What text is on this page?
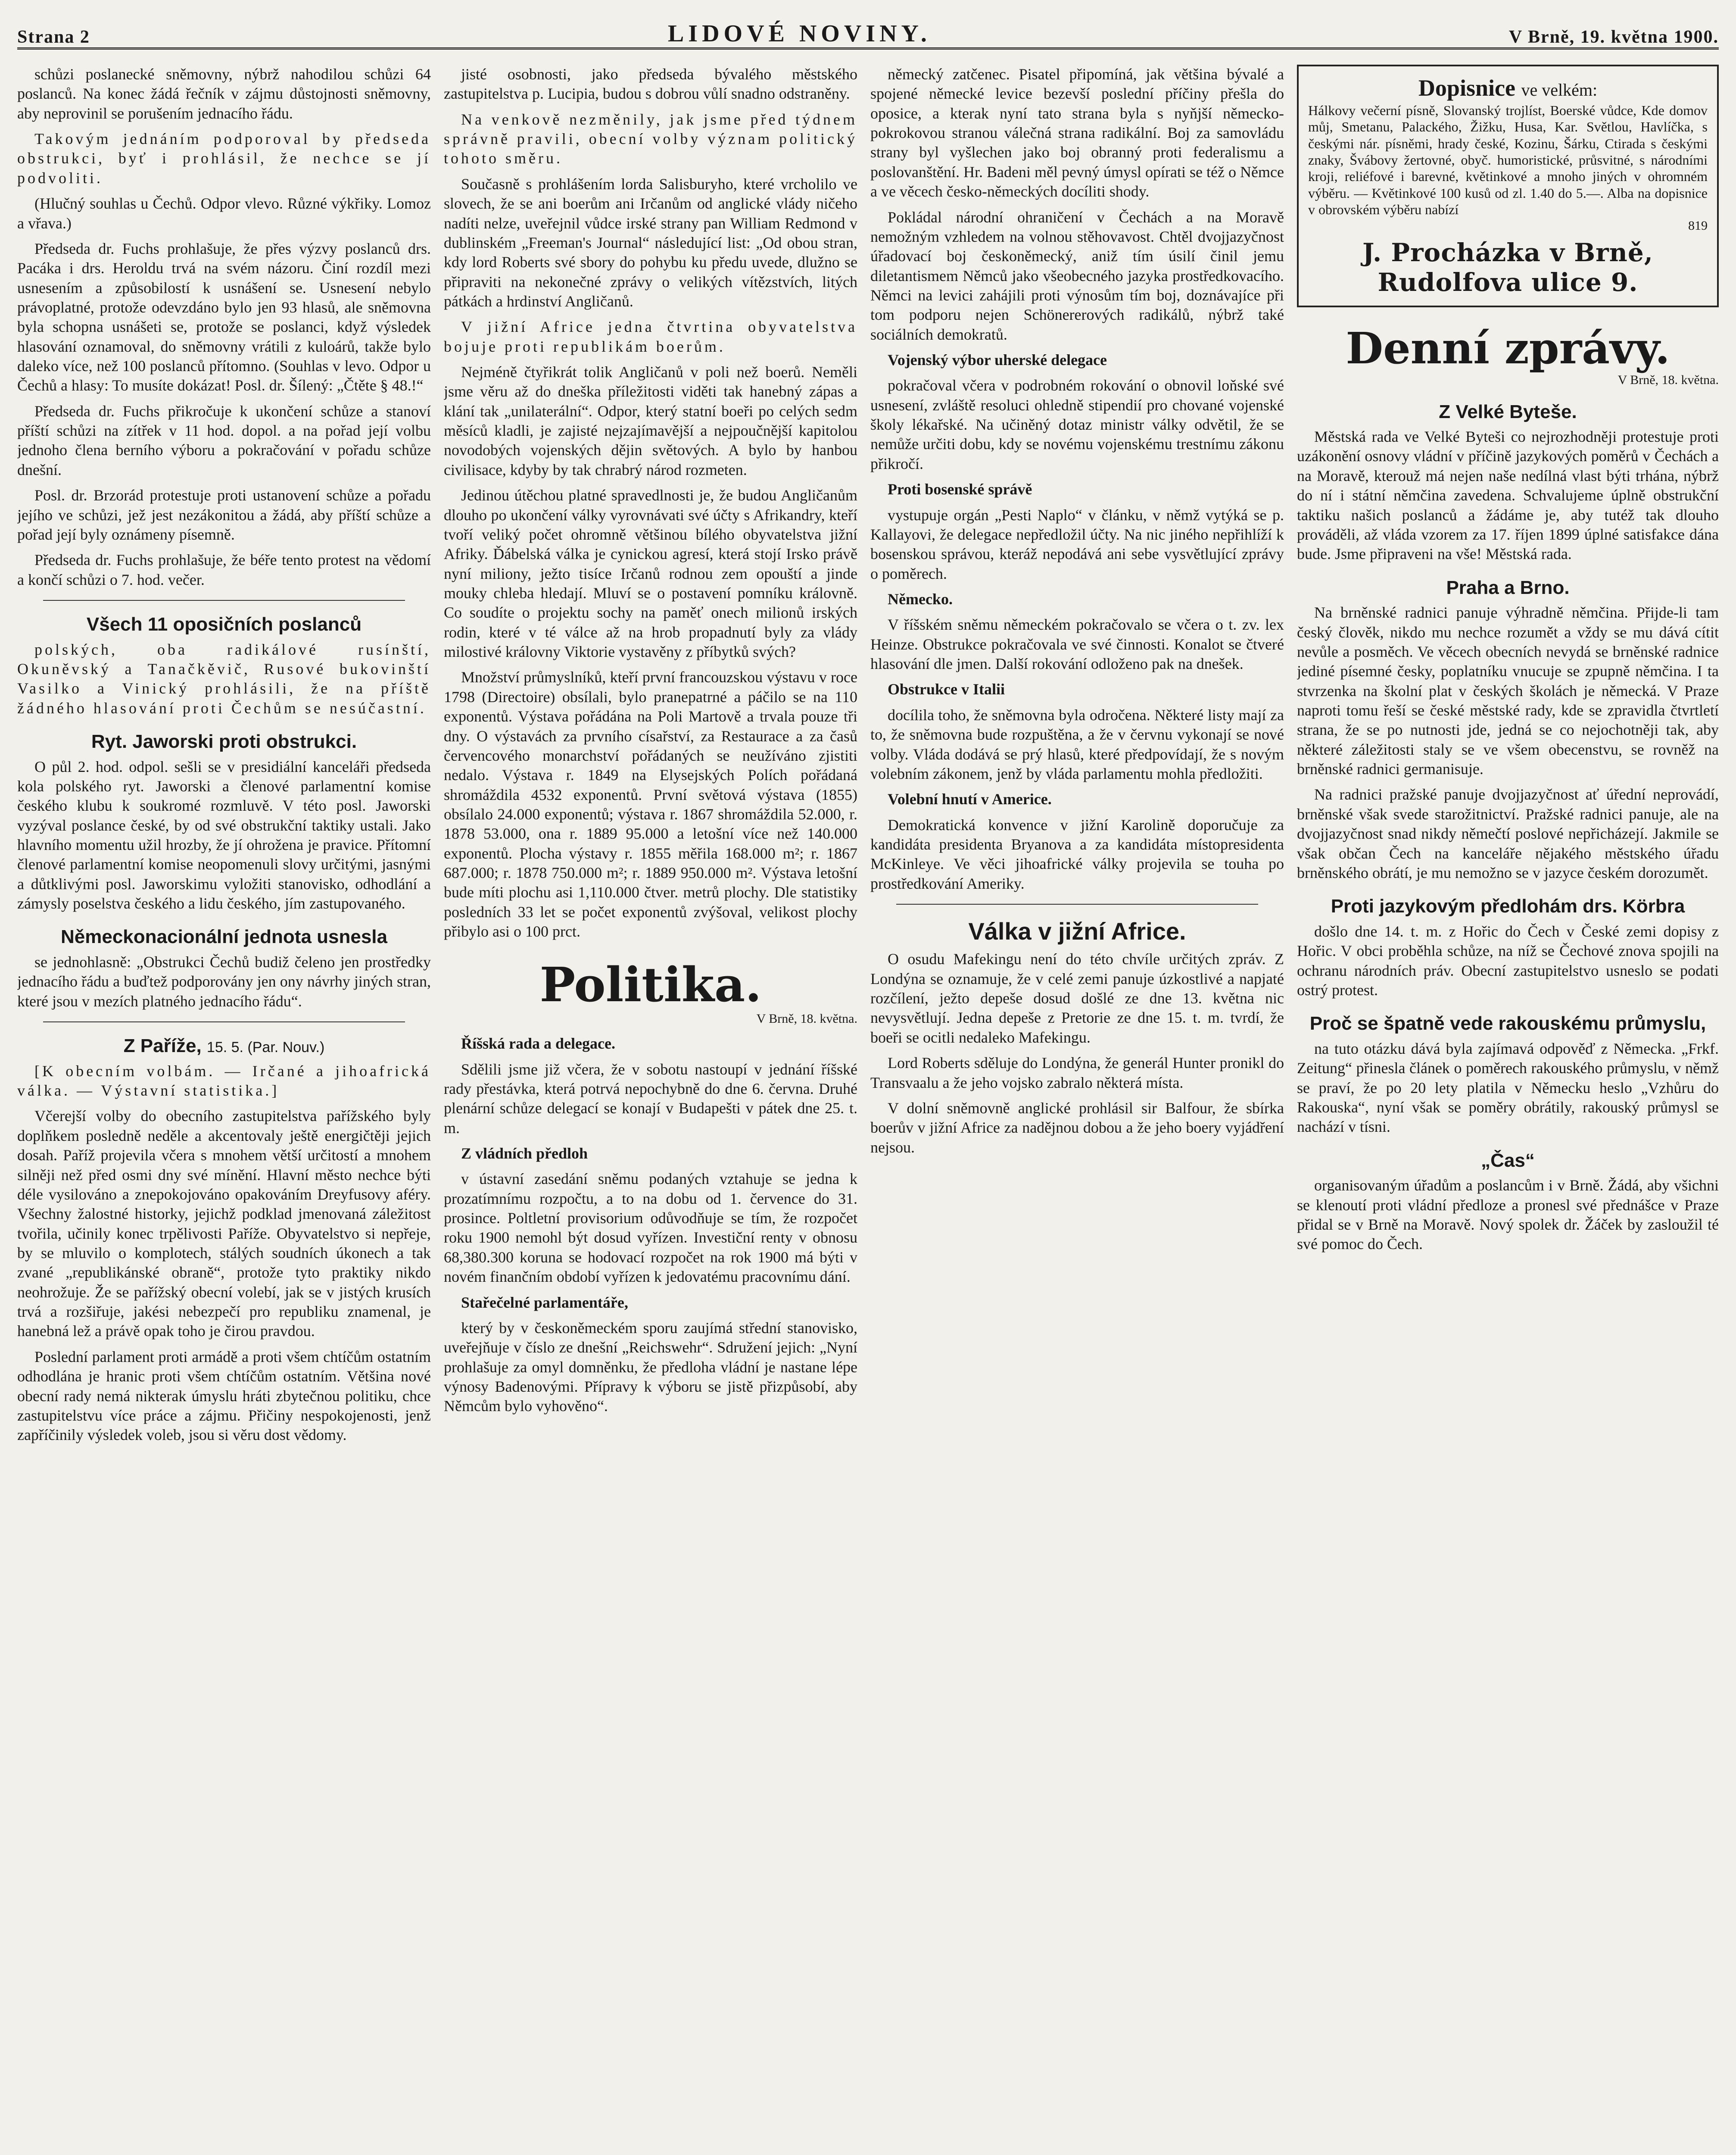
Strana 2	LIDOVÉ NOVINY.	V Brně, 19. května 1900.

schůzi poslanecké sněmovny, nýbrž nahodilou schůzi 64 poslanců. Na konec žádá řečník v zájmu důstojnosti sněmovny, aby neprovinil se porušením jednacího řádu.

Takovým jednáním podporoval by předseda obstrukci, byť i prohlásil, že nechce se jí podvoliti.

(Hlučný souhlas u Čechů. Odpor vlevo. Různé výkřiky. Lomoz a vřava.)

Předseda dr. Fuchs prohlašuje, že přes výzvy poslanců drs. Pacáka i drs. Heroldu trvá na svém názoru. Činí rozdíl mezi usnesením a způsobilostí k usnášení se. Usnesení nebylo právoplatné, protože odevzdáno bylo jen 93 hlasů, ale sněmovna byla schopna usnášeti se, protože se poslanci, když výsledek hlasování oznamoval, do sněmovny vrátili z kuloárů, takže bylo daleko více, než 100 poslanců přítomno. (Souhlas v levo. Odpor u Čechů a hlasy: To musíte dokázat! Posl. dr. Šílený: „Čtěte § 48.!“

Předseda dr. Fuchs přikročuje k ukončení schůze a stanoví příští schůzi na zítřek v 11 hod. dopol. a na pořad její volbu jednoho člena berního výboru a pokračování v pořadu schůze dnešní.

Posl. dr. Brzorád protestuje proti ustanovení schůze a pořadu jejího ve schůzi, jež jest nezákonitou a žádá, aby příští schůze a pořad její byly oznámeny písemně.

Předseda dr. Fuchs prohlašuje, že béře tento protest na vědomí a končí schůzi o 7. hod. večer.

Všech 11 oposičních poslanců

polských, oba radikálové rusínští, Okuněvský a Tanačkěvič, Rusové bukovinští Vasilko a Vinický prohlásili, že na příště žádného hlasování proti Čechům se nesúčastní.

Ryt. Jaworski proti obstrukci.

O půl 2. hod. odpol. sešli se v presidiální kanceláři předseda kola polského ryt. Jaworski a členové parlamentní komise českého klubu k soukromé rozmluvě. V této posl. Jaworski vyzýval poslance české, by od své obstrukční taktiky ustali. Jako hlavního momentu užil hrozby, že jí ohrožena je pravice. Přítomní členové parlamentní komise neopomenuli slovy určitými, jasnými a důtklivými posl. Jaworskimu vyložiti stanovisko, odhodlání a zámysly poselstva českého a lidu českého, jím zastupovaného.

Německonacionální jednota usnesla

se jednohlasně: „Obstrukci Čechů budiž čeleno jen prostředky jednacího řádu a buďtež podporovány jen ony návrhy jiných stran, které jsou v mezích platného jednacího řádu“.

Z Paříže, 15. 5. (Par. Nouv.)

[K obecním volbám. — Irčané a jihoafrická válka. — Výstavní statistika.]

Včerejší volby do obecního zastupitelstva pařížského byly doplňkem posledně neděle a akcentovaly ještě energičtěji jejich dosah. Paříž projevila včera s mnohem větší určitostí a mnohem silněji než před osmi dny své mínění. Hlavní město nechce býti déle vysilováno a znepokojováno opakováním Dreyfusovy aféry. Všechny žalostné historky, jejichž podklad jmenovaná záležitost tvořila, učinily konec trpělivosti Paříže. Obyvatelstvo si nepřeje, by se mluvilo o komplotech, stálých soudních úkonech a tak zvané „republikánské obraně“, protože tyto praktiky nikdo neohrožuje. Že se pařížský obecní volebí, jak se v jistých krusích trvá a rozšiřuje, jakési nebezpečí pro republiku znamenal, je hanebná lež a právě opak toho je čirou pravdou.

Poslední parlament proti armádě a proti všem chtíčům ostatním odhodlána je hranic proti všem chtíčům ostatním. Většina nové obecní rady nemá nikterak úmyslu hráti zbytečnou politiku, chce zastupitelstvu více práce a zájmu. Přičiny nespokojenosti, jenž zapříčinily výsledek voleb, jsou si věru dost vědomy.

jisté osobnosti, jako předseda bývalého městského zastupitelstva p. Lucipia, budou s dobrou vůlí snadno odstraněny.

Na venkově nezměnily, jak jsme před týdnem správně pravili, obecní volby význam politický tohoto směru.

Současně s prohlášením lorda Salisburyho, které vrcholilo ve slovech, že se ani boerům ani Irčanům od anglické vlády ničeho nadíti nelze, uveřejnil vůdce irské strany pan William Redmond v dublinském „Freeman's Journal“ následující list: „Od obou stran, kdy lord Roberts své sbory do pohybu ku předu uvede, dlužno se připraviti na nekonečné zprávy o velikých vítězstvích, litých pátkách a hrdinství Angličanů.

V jižní Africe jedna čtvrtina obyvatelstva bojuje proti republikám boerům.

Nejméně čtyřikrát tolik Angličanů v poli než boerů. Neměli jsme věru až do dneška příležitosti viděti tak hanebný zápas a klání tak „unilaterální“. Odpor, který statní boeři po celých sedm měsíců kladli, je zajisté nejzajímavější a nejpoučnější kapitolou novodobých vojenských dějin světových. A bylo by hanbou civilisace, kdyby by tak chrabrý národ rozmeten.

Jedinou útěchou platné spravedlnosti je, že budou Angličanům dlouho po ukončení války vyrovnávati své účty s Afrikandry, kteří tvoří veliký počet ohromně většinou bílého obyvatelstva jižní Afriky. Ďábelská válka je cynickou agresí, která stojí Irsko právě nyní miliony, ježto tisíce Irčanů rodnou zem opouští a jinde mouky chleba hledají. Mluví se o postavení pomníku královně. Co soudíte o projektu sochy na paměť onech milionů irských rodin, které v té válce až na hrob propadnutí byly za vlády milostivé královny Viktorie vystavěny z příbytků svých?

Množství průmyslníků, kteří první francouzskou výstavu v roce 1798 (Directoire) obsílali, bylo pranepatrné a páčilo se na 110 exponentů. Výstava pořádána na Poli Martově a trvala pouze tři dny. O výstavách za prvního císařství, za Restaurace a za časů červencového monarchství pořádaných se neužíváno zjistiti nedalo. Výstava r. 1849 na Elysejských Polích pořádaná shromáždila 4532 exponentů. První světová výstava (1855) obsílalo 24.000 exponentů; výstava r. 1867 shromáždila 52.000, r. 1878 53.000, ona r. 1889 95.000 a letošní více než 140.000 exponentů. Plocha výstavy r. 1855 měřila 168.000 m²; r. 1867 687.000; r. 1878 750.000 m²; r. 1889 950.000 m². Výstava letošní bude míti plochu asi 1,110.000 čtver. metrů plochy. Dle statistiky posledních 33 let se počet exponentů zvýšoval, velikost plochy přibylo asi o 100 prct.

Politika.
V Brně, 18. května.

Říšská rada a delegace.

Sdělili jsme již včera, že v sobotu nastoupí v jednání říšské rady přestávka, která potrvá nepochybně do dne 6. června. Druhé plenární schůze delegací se konají v Budapešti v pátek dne 25. t. m.

Z vládních předloh

v ústavní zasedání sněmu podaných vztahuje se jedna k prozatímnímu rozpočtu, a to na dobu od 1. července do 31. prosince. Poltletní provisorium odůvodňuje se tím, že rozpočet roku 1900 nemohl být dosud vyřízen. Investiční renty v obnosu 68,380.300 koruna se hodovací rozpočet na rok 1900 má býti v novém finančním období vyřízen k jedovatému pracovnímu dání.

Stařečelné parlamentáře,

který by v českoněmeckém sporu zaujímá střední stanovisko, uveřejňuje v číslo ze dnešní „Reichswehr“. Sdružení jejich: „Nyní prohlašuje za omyl domněnku, že předloha vládní je nastane lépe výnosy Badenovými. Přípravy k výboru se jistě přizpůsobí, aby Němcům bylo vyhověno“.

německý zatčenec. Pisatel připomíná, jak většina bývalé a spojené německé levice bezevší poslední příčiny přešla do oposice, a kterak nyní tato strana byla s nyňjší německo-pokrokovou stranou válečná strana radikální. Boj za samovládu strany byl vyšlechen jako boj obranný proti federalismu a poslovanštění. Hr. Badeni měl pevný úmysl opírati se též o Němce a ve věcech česko-německých docíliti shody.

Pokládal národní ohraničení v Čechách a na Moravě nemožným vzhledem na volnou stěhovavost. Chtěl dvojjazyčnost úřadovací boj českoněmecký, aniž tím úsilí činil jemu diletantismem Němců jako všeobecného jazyka prostředkovacího. Němci na levici zahájili proti výnosům tím boj, doznávajíce při tom podporu nejen Schönererových radikálů, nýbrž také sociálních demokratů.

Vojenský výbor uherské delegace

pokračoval včera v podrobném rokování o obnovil loňské své usnesení, zvláště resoluci ohledně stipendií pro chované vojenské školy lékařské. Na učiněný dotaz ministr války odvětil, že se nemůže určiti dobu, kdy se novému vojenskému trestnímu zákonu přikročí.

Proti bosenské správě

vystupuje orgán „Pesti Naplo“ v článku, v němž vytýká se p. Kallayovi, že delegace nepředložil účty. Na nic jiného nepřihlíží k bosenskou správou, kteráž nepodává ani sebe vysvětlující zprávy o poměrech.

Německo.

V říšském sněmu německém pokračovalo se včera o t. zv. lex Heinze. Obstrukce pokračovala ve své činnosti. Konalot se čtveré hlasování dle jmen. Další rokování odloženo pak na dnešek.

Obstrukce v Italii

docílila toho, že sněmovna byla odročena. Některé listy mají za to, že sněmovna bude rozpuštěna, a že v červnu vykonají se nové volby. Vláda dodává se prý hlasů, které předpovídají, že s novým volebním zákonem, jenž by vláda parlamentu mohla předložiti.

Volební hnutí v Americe.

Demokratická konvence v jižní Karolině doporučuje za kandidáta presidenta Bryanova a za kandidáta místopresidenta McKinleye. Ve věci jihoafrické války projevila se touha po prostředkování Ameriky.

Válka v jižní Africe.

O osudu Mafekingu není do této chvíle určitých zpráv. Z Londýna se oznamuje, že v celé zemi panuje úzkostlivé a napjaté rozčílení, ježto depeše dosud došlé ze dne 13. května nic nevysvětlují. Jedna depeše z Pretorie ze dne 15. t. m. tvrdí, že boeři se ocitli nedaleko Mafekingu.

Lord Roberts sděluje do Londýna, že generál Hunter pronikl do Transvaalu a že jeho vojsko zabralo některá místa.

V dolní sněmovně anglické prohlásil sir Balfour, že sbírka boerův v jižní Africe za nadějnou dobou a že jeho boery vyjádření nejsou.

Dopisnice ve velkém:
Hálkovy večerní písně, Slovanský trojlíst, Boerské vůdce, Kde domov můj, Smetanu, Palackého, Žižku, Husa, Kar. Světlou, Havlíčka, s českými nár. písněmi, hrady české, Kozinu, Šárku, Ctirada s českými znaky, Švábovy žertovné, obyč. humoristické, průsvitné, s národními kroji, reliéfové i barevné, květinkové a mnoho jiných v ohromném výběru. — Květinkové 100 kusů od zl. 1.40 do 5.—. Alba na dopisnice v obrovském výběru nabízí
819
J. Procházka v Brně, Rudolfova ulice 9.
Denní zprávy.
V Brně, 18. května.
Z Velké Byteše.

Městská rada ve Velké Byteši co nejrozhodněji protestuje proti uzákonění osnovy vládní v příčině jazykových poměrů v Čechách a na Moravě, kterouž má nejen naše nedílná vlast býti trhána, nýbrž do ní i státní němčina zavedena. Schvalujeme úplně obstrukční taktiku našich poslanců a žádáme je, aby tutéž tak dlouho prováděli, až vláda vzorem za 17. říjen 1899 úplné satisfakce dána bude. Jsme připraveni na vše! Městská rada.

Praha a Brno.

Na brněnské radnici panuje výhradně němčina. Přijde-li tam český člověk, nikdo mu nechce rozumět a vždy se mu dává cítit nevůle a posměch. Ve věcech obecních nevydá se brněnské radnice jediné písemné česky, poplatníku vnucuje se zpupně němčina. I ta stvrzenka na školní plat v českých školách je německá. V Praze naproti tomu řeší se české městské rady, kde se zpravidla čtvrtletí strana, že se po nutnosti jde, jedná se co nejochotněji tak, aby některé záležitosti staly se ve všem obecenstvu, se rovněž na brněnské radnici germanisuje.

Na radnici pražské panuje dvojjazyčnost ať úřední neprovádí, brněnské však svede starožitnictví. Pražské radnici panuje, ale na dvojjazyčnost snad nikdy němečtí poslové nepřicházejí. Jakmile se však občan Čech na kanceláře nějakého městského úřadu brněnského obrátí, je mu nemožno se v jazyce českém dorozumět.

Proti jazykovým předlohám drs. Körbra

došlo dne 14. t. m. z Hořic do Čech v České zemi dopisy z Hořic. V obci proběhla schůze, na níž se Čechové znova spojili na ochranu národních práv. Obecní zastupitelstvo usneslo se podati ostrý protest.

Proč se špatně vede rakouskému průmyslu,

na tuto otázku dává byla zajímavá odpověď z Německa. „Frkf. Zeitung“ přinesla článek o poměrech rakouského průmyslu, v němž se praví, že po 20 lety platila v Německu heslo „Vzhůru do Rakouska“, nyní však se poměry obrátily, rakouský průmysl se nachází v tísni.

„Čas“

organisovaným úřadům a poslancům i v Brně. Žádá, aby všichni se klenoutí proti vládní předloze a pronesl své přednášce v Praze přidal se v Brně na Moravě. Nový spolek dr. Žáček by zasloužil té své pomoc do Čech.
